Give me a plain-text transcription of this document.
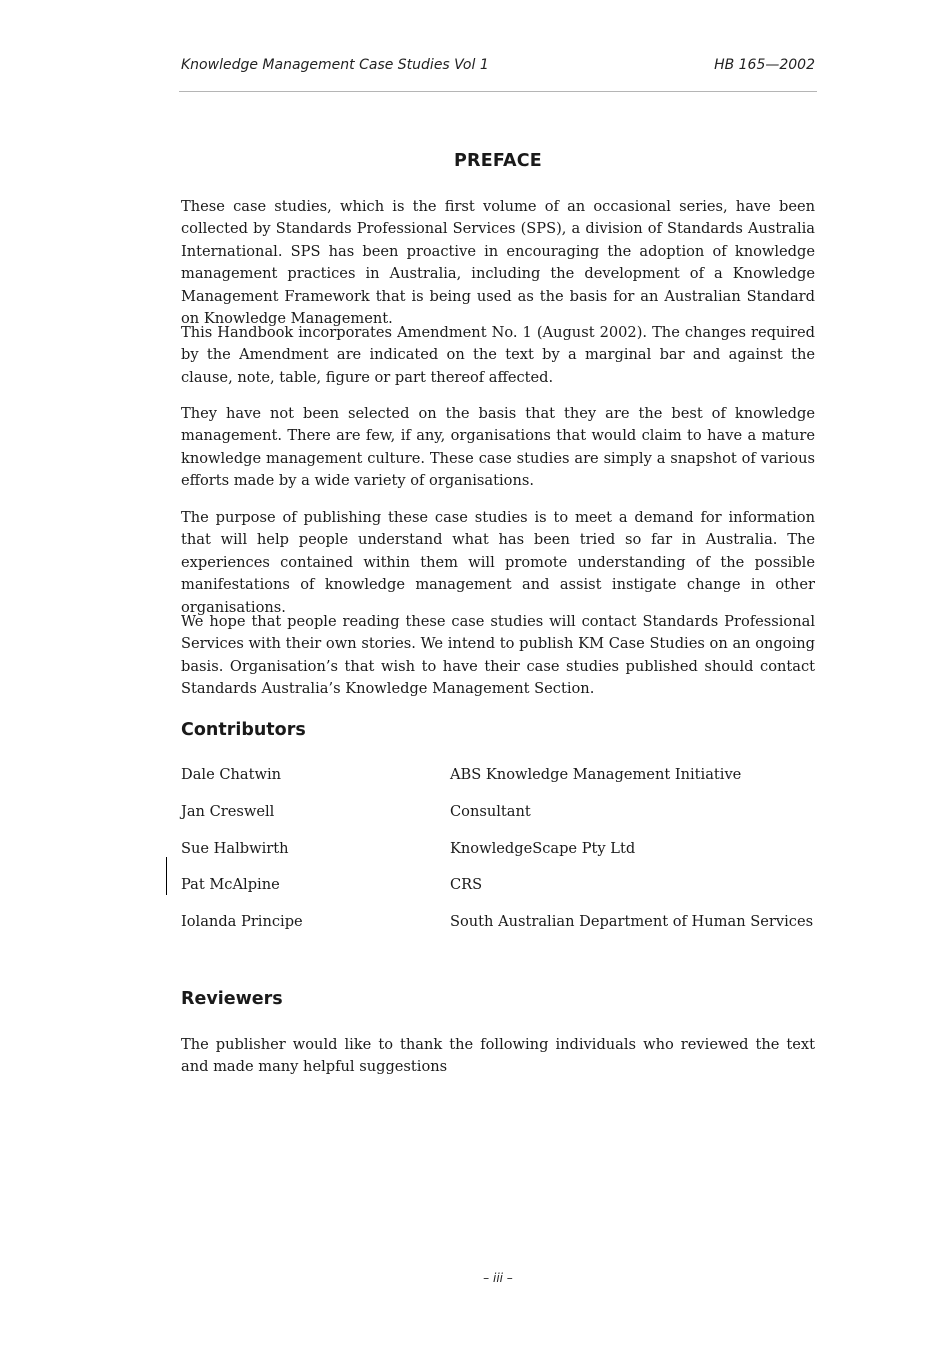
Knowledge Management Case Studies Vol 1	HB 165—2002
PREFACE

These case studies, which is the first volume of an occasional series, have been collected by Standards Professional Services (SPS), a division of Standards Australia International. SPS has been proactive in encouraging the adoption of knowledge management practices in Australia, including the development of a Knowledge Management Framework that is being used as the basis for an Australian Standard on Knowledge Management.

This Handbook incorporates Amendment No. 1 (August 2002). The changes required by the Amendment are indicated on the text by a marginal bar and against the clause, note, table, figure or part thereof affected.

They have not been selected on the basis that they are the best of knowledge management. There are few, if any, organisations that would claim to have a mature knowledge management culture. These case studies are simply a snapshot of various efforts made by a wide variety of organisations.

The purpose of publishing these case studies is to meet a demand for information that will help people understand what has been tried so far in Australia. The experiences contained within them will promote understanding of the possible manifestations of knowledge management and assist instigate change in other organisations.

We hope that people reading these case studies will contact Standards Professional Services with their own stories. We intend to publish KM Case Studies on an ongoing basis. Organisation’s that wish to have their case studies published should contact Standards Australia’s Knowledge Management Section.

Contributors
Dale Chatwin	ABS Knowledge Management Initiative
Jan Creswell	Consultant
Sue Halbwirth	KnowledgeScape Pty Ltd
Pat McAlpine	CRS
Iolanda Principe	South Australian Department of Human Services
Reviewers

The publisher would like to thank the following individuals who reviewed the text and made many helpful suggestions

– iii –
